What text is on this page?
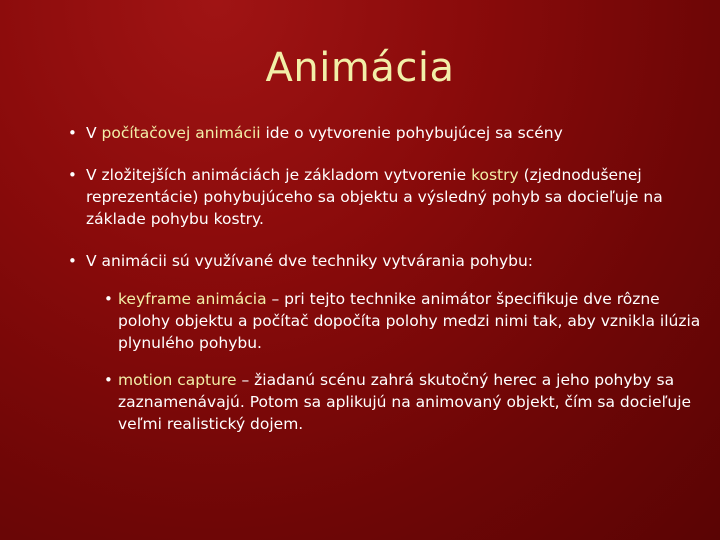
Animácia

• V počítačovej animácii ide o vytvorenie pohybujúcej sa scény

• V zložitejších animáciách je základom vytvorenie kostry (zjednodušenej reprezentácie) pohybujúceho sa objektu a výsledný pohyb sa docieľuje na základe pohybu kostry.

• V animácii sú využívané dve techniky vytvárania pohybu:

• keyframe animácia – pri tejto technike animátor špecifikuje dve rôzne polohy objektu a počítač dopočíta polohy medzi nimi tak, aby vznikla ilúzia plynulého pohybu.

• motion capture – žiadanú scénu zahrá skutočný herec a jeho pohyby sa zaznamenávajú. Potom sa aplikujú na animovaný objekt, čím sa docieľuje veľmi realistický dojem.
